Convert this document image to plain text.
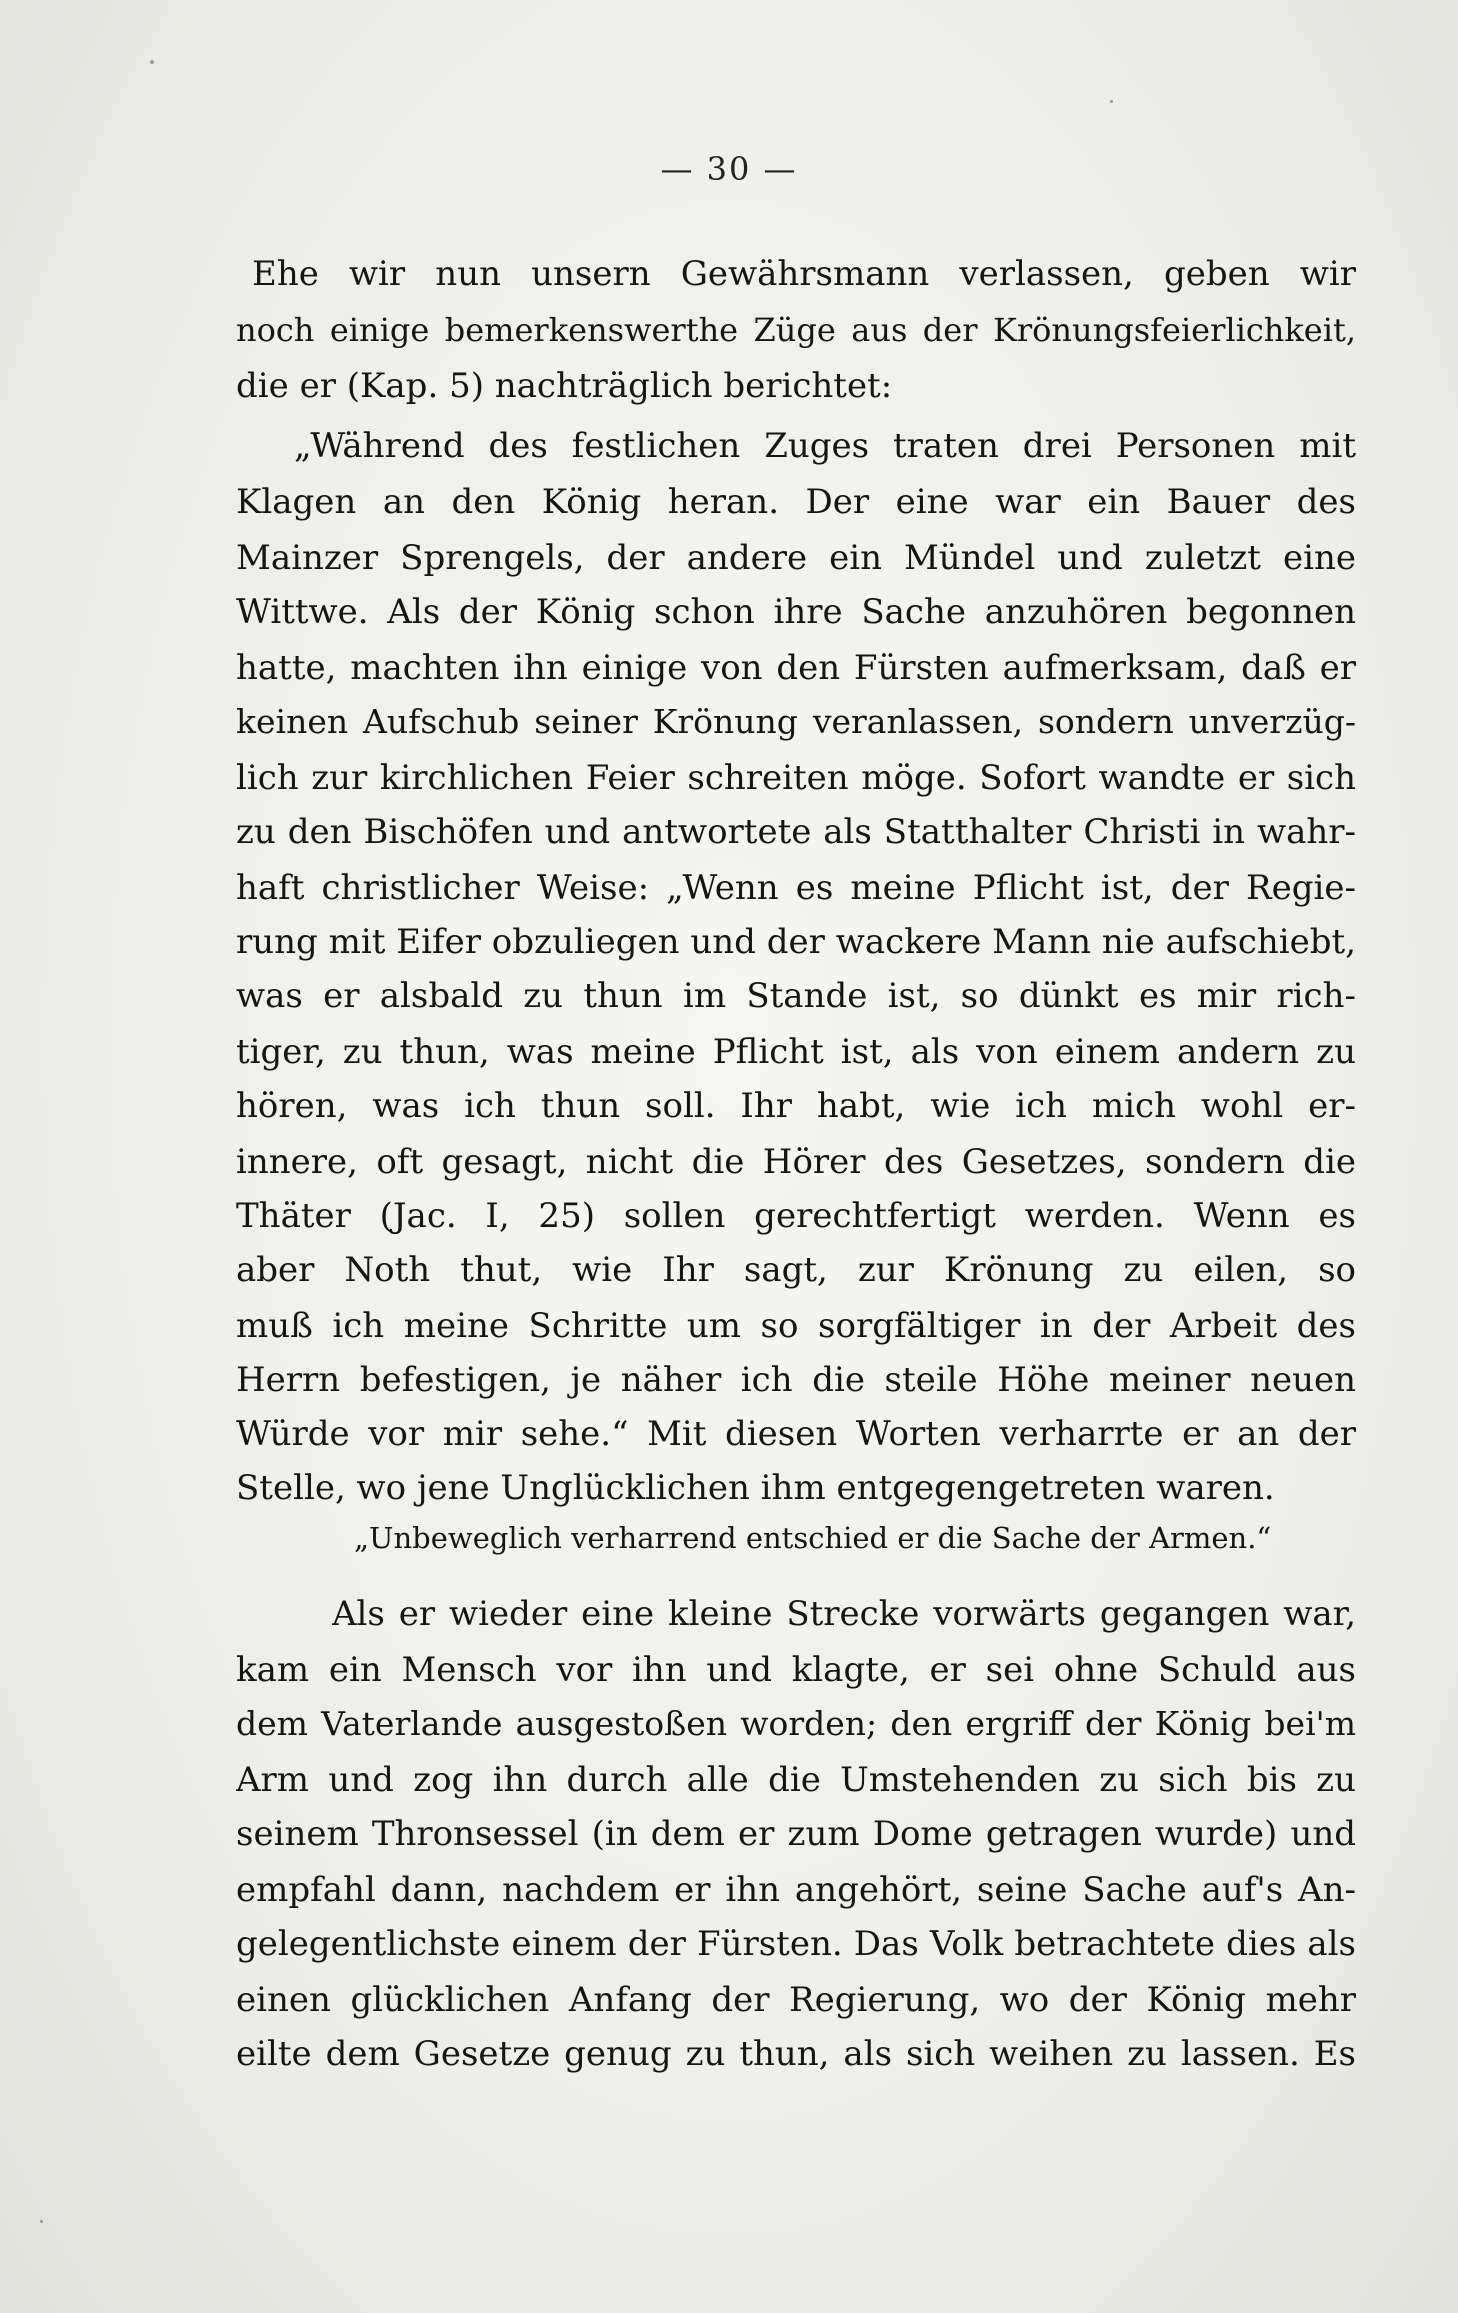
— 30 —
Ehe wir nun unsern Gewährsmann verlassen, geben wir
noch einige bemerkenswerthe Züge aus der Krönungsfeierlichkeit,
die er (Kap. 5) nachträglich berichtet:
„Während des festlichen Zuges traten drei Personen mit
Klagen an den König heran. Der eine war ein Bauer des
Mainzer Sprengels, der andere ein Mündel und zuletzt eine
Wittwe. Als der König schon ihre Sache anzuhören begonnen
hatte, machten ihn einige von den Fürsten aufmerksam, daß er
keinen Aufschub seiner Krönung veranlassen, sondern unverzüg-
lich zur kirchlichen Feier schreiten möge. Sofort wandte er sich
zu den Bischöfen und antwortete als Statthalter Christi in wahr-
haft christlicher Weise: „Wenn es meine Pflicht ist, der Regie-
rung mit Eifer obzuliegen und der wackere Mann nie aufschiebt,
was er alsbald zu thun im Stande ist, so dünkt es mir rich-
tiger, zu thun, was meine Pflicht ist, als von einem andern zu
hören, was ich thun soll. Ihr habt, wie ich mich wohl er-
innere, oft gesagt, nicht die Hörer des Gesetzes, sondern die
Thäter (Jac. I, 25) sollen gerechtfertigt werden. Wenn es
aber Noth thut, wie Ihr sagt, zur Krönung zu eilen, so
muß ich meine Schritte um so sorgfältiger in der Arbeit des
Herrn befestigen, je näher ich die steile Höhe meiner neuen
Würde vor mir sehe.“ Mit diesen Worten verharrte er an der
Stelle, wo jene Unglücklichen ihm entgegengetreten waren.
Als er wieder eine kleine Strecke vorwärts gegangen war,
kam ein Mensch vor ihn und klagte, er sei ohne Schuld aus
dem Vaterlande ausgestoßen worden; den ergriff der König bei'm
Arm und zog ihn durch alle die Umstehenden zu sich bis zu
seinem Thronsessel (in dem er zum Dome getragen wurde) und
empfahl dann, nachdem er ihn angehört, seine Sache auf's An-
gelegentlichste einem der Fürsten. Das Volk betrachtete dies als
einen glücklichen Anfang der Regierung, wo der König mehr
eilte dem Gesetze genug zu thun, als sich weihen zu lassen. Es
„Unbeweglich verharrend entschied er die Sache der Armen.“
